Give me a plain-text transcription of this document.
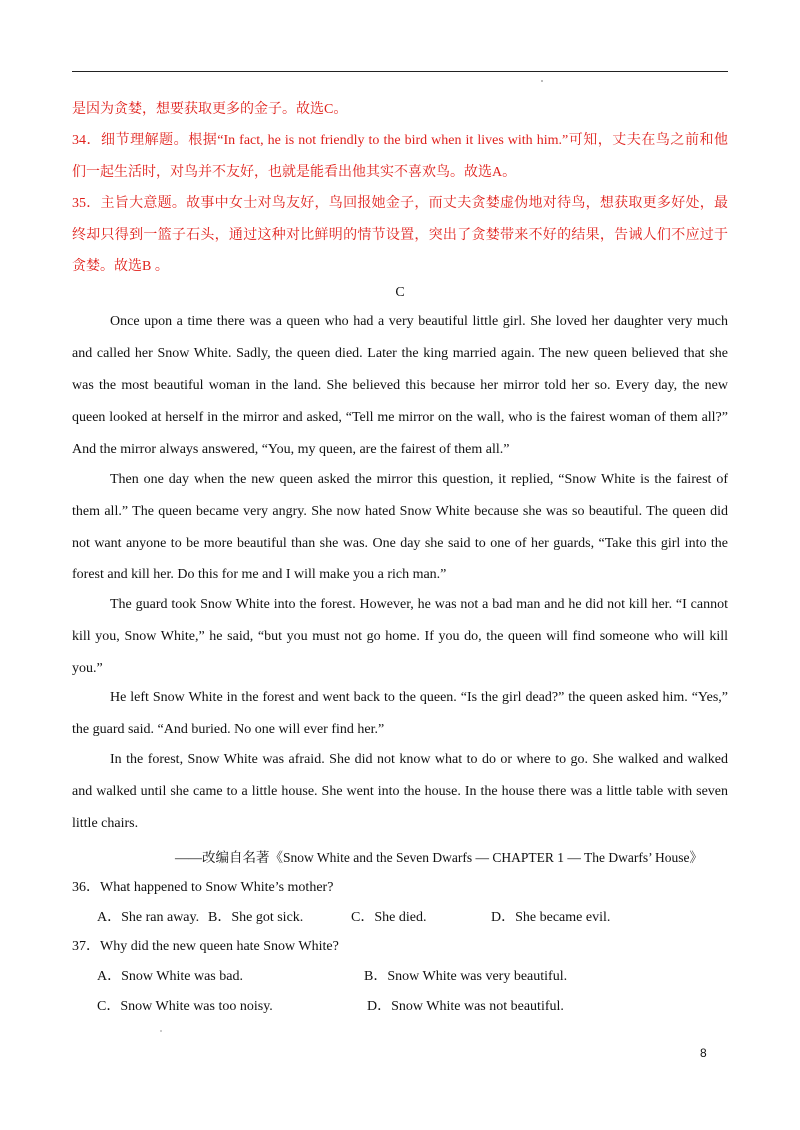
是因为贪婪，想要获取更多的金子。故选C。
34．细节理解题。根据“In fact, he is not friendly to the bird when it lives with him.”可知，丈夫在鸟之前和他
们一起生活时，对鸟并不友好，也就是能看出他其实不喜欢鸟。故选A。
35．主旨大意题。故事中女士对鸟友好，鸟回报她金子，而丈夫贪婪虚伪地对待鸟，想获取更多好处，最
终却只得到一篮子石头，通过这种对比鲜明的情节设置，突出了贪婪带来不好的结果，告诫人们不应过于
贪婪。故选B 。
C
Once upon a time there was a queen who had a very beautiful little girl. She loved her daughter very much
and called her Snow White. Sadly, the queen died. Later the king married again. The new queen believed that she
was the most beautiful woman in the land. She believed this because her mirror told her so. Every day, the new
queen looked at herself in the mirror and asked, “Tell me mirror on the wall, who is the fairest woman of them all?”
And the mirror always answered, “You, my queen, are the fairest of them all.”
Then one day when the new queen asked the mirror this question, it replied, “Snow White is the fairest of
them all.” The queen became very angry. She now hated Snow White because she was so beautiful. The queen did
not want anyone to be more beautiful than she was. One day she said to one of her guards, “Take this girl into the
forest and kill her. Do this for me and I will make you a rich man.”
The guard took Snow White into the forest. However, he was not a bad man and he did not kill her. “I cannot
kill you, Snow White,” he said, “but you must not go home. If you do, the queen will find someone who will kill
you.”
He left Snow White in the forest and went back to the queen. “Is the girl dead?” the queen asked him. “Yes,”
the guard said. “And buried. No one will ever find her.”
In the forest, Snow White was afraid. She did not know what to do or where to go. She walked and walked
and walked until she came to a little house. She went into the house. In the house there was a little table with seven
little chairs.
——改编自名著《Snow White and the Seven Dwarfs — CHAPTER 1 — The Dwarfs’ House》
36．What happened to Snow White’s mother?
A．She ran away. B．She got sick.	C．She died.	D．She became evil.
37．Why did the new queen hate Snow White?
A．Snow White was bad.	B．Snow White was very beautiful.
C．Snow White was too noisy.	D．Snow White was not beautiful.
8
